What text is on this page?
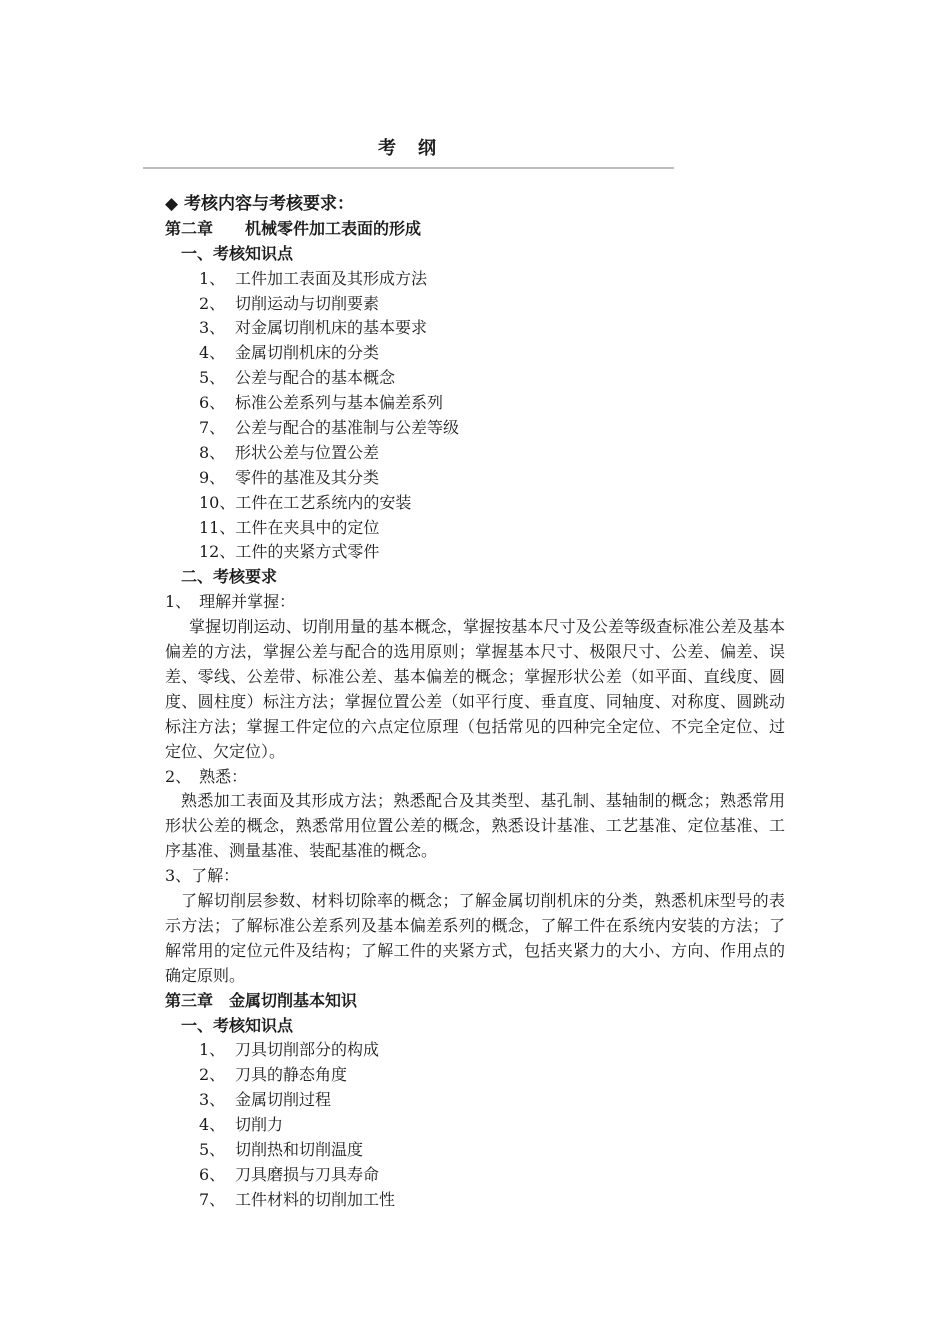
考　纲
◆ 考核内容与考核要求：
第二章　　机械零件加工表面的形成
一、考核知识点
1、 工件加工表面及其形成方法
2、 切削运动与切削要素
3、 对金属切削机床的基本要求
4、 金属切削机床的分类
5、 公差与配合的基本概念
6、 标准公差系列与基本偏差系列
7、 公差与配合的基准制与公差等级
8、 形状公差与位置公差
9、 零件的基准及其分类
10、工件在工艺系统内的安装
11、工件在夹具中的定位
12、工件的夹紧方式零件
二、考核要求
1、　理解并掌握：

掌握切削运动、切削用量的基本概念，掌握按基本尺寸及公差等级查标准公差及基本偏差的方法，掌握公差与配合的选用原则；掌握基本尺寸、极限尺寸、公差、偏差、误差、零线、公差带、标准公差、基本偏差的概念；掌握形状公差（如平面、直线度、圆度、圆柱度）标注方法；掌握位置公差（如平行度、垂直度、同轴度、对称度、圆跳动标注方法；掌握工件定位的六点定位原理（包括常见的四种完全定位、不完全定位、过定位、欠定位）。

2、　熟悉：

熟悉加工表面及其形成方法；熟悉配合及其类型、基孔制、基轴制的概念；熟悉常用形状公差的概念，熟悉常用位置公差的概念，熟悉设计基准、工艺基准、定位基准、工序基准、测量基准、装配基准的概念。

3、了解：

了解切削层参数、材料切除率的概念；了解金属切削机床的分类，熟悉机床型号的表示方法；了解标准公差系列及基本偏差系列的概念，了解工件在系统内安装的方法；了解常用的定位元件及结构；了解工件的夹紧方式，包括夹紧力的大小、方向、作用点的确定原则。

第三章　金属切削基本知识
一、考核知识点
1、 刀具切削部分的构成
2、 刀具的静态角度
3、 金属切削过程
4、 切削力
5、 切削热和切削温度
6、 刀具磨损与刀具寿命
7、 工件材料的切削加工性
